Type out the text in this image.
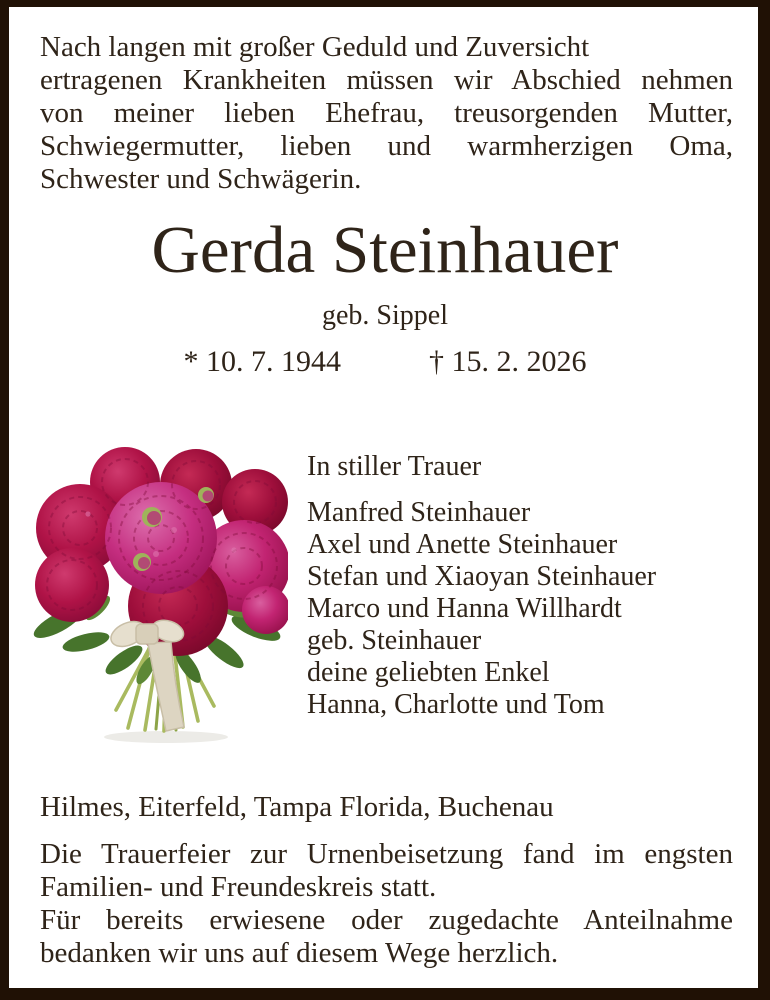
Nach langen mit großer Geduld und Zuversicht
ertragenen Krankheiten müssen wir Abschied nehmen
von meiner lieben Ehefrau, treusorgenden Mutter,
Schwiegermutter, lieben und warmherzigen Oma,
Schwester und Schwägerin.
Gerda Steinhauer
geb. Sippel
* 10. 7. 1944	† 15. 2. 2026
In stiller Trauer
Manfred Steinhauer
Axel und Anette Steinhauer
Stefan und Xiaoyan Steinhauer
Marco und Hanna Willhardt
geb. Steinhauer
deine geliebten Enkel
Hanna, Charlotte und Tom
Hilmes, Eiterfeld, Tampa Florida, Buchenau
Die Trauerfeier zur Urnenbeisetzung fand im engsten
Familien- und Freundeskreis statt.
Für bereits erwiesene oder zugedachte Anteilnahme
bedanken wir uns auf diesem Wege herzlich.
